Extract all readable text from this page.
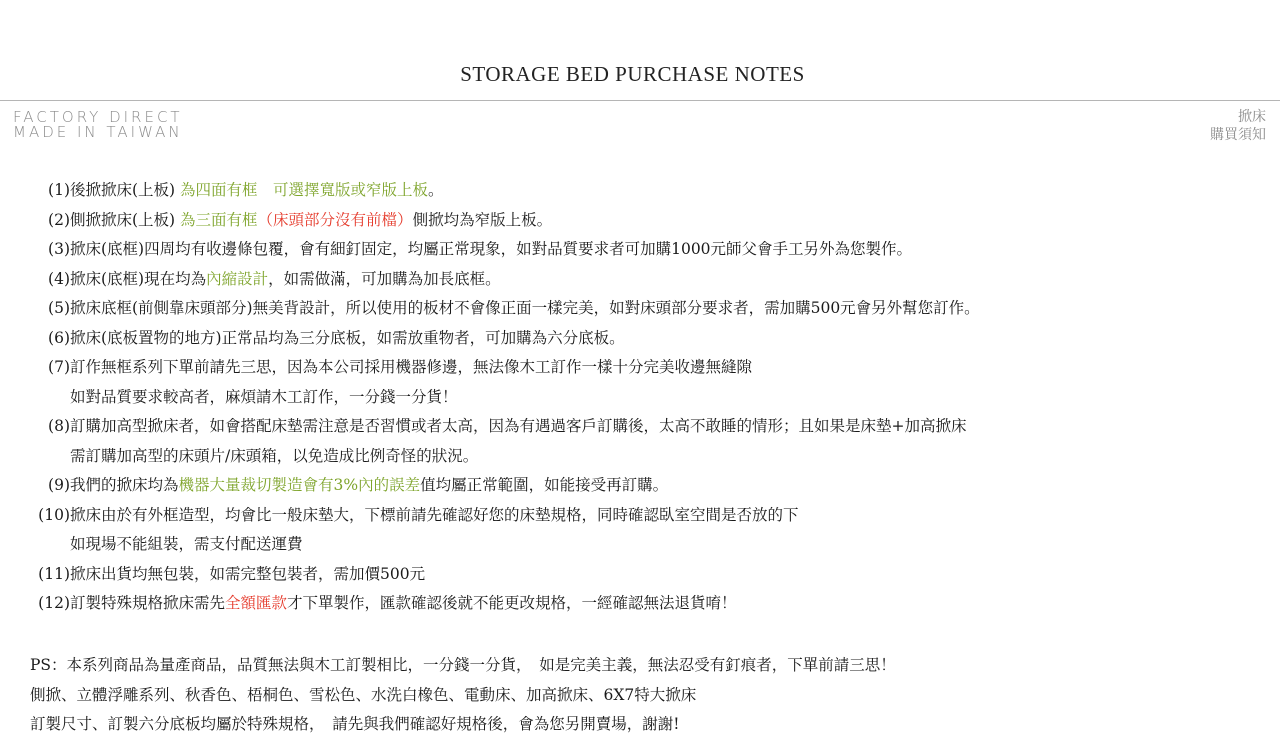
STORAGE BED PURCHASE NOTES
FACTORY DIRECT
MADE IN TAIWAN
掀床
購買須知
(1) 後掀掀床(上板) 為四面有框　可選擇寬版或窄版上板。
(2) 側掀掀床(上板) 為三面有框（床頭部分沒有前檔）側掀均為窄版上板。
(3) 掀床(底框)四周均有收邊條包覆，會有細釘固定，均屬正常現象，如對品質要求者可加購1000元師父會手工另外為您製作。
(4) 掀床(底框)現在均為內縮設計，如需做滿，可加購為加長底框。
(5) 掀床底框(前側靠床頭部分)無美背設計，所以使用的板材不會像正面一樣完美，如對床頭部分要求者，需加購500元會另外幫您訂作。
(6) 掀床(底板置物的地方)正常品均為三分底板，如需放重物者，可加購為六分底板。
(7) 訂作無框系列下單前請先三思，因為本公司採用機器修邊，無法像木工訂作一樣十分完美收邊無縫隙
如對品質要求較高者，麻煩請木工訂作，一分錢一分貨！
(8) 訂購加高型掀床者，如會搭配床墊需注意是否習慣或者太高，因為有遇過客戶訂購後，太高不敢睡的情形；且如果是床墊+加高掀床
需訂購加高型的床頭片/床頭箱，以免造成比例奇怪的狀況。
(9) 我們的掀床均為機器大量裁切製造會有3%內的誤差值均屬正常範圍，如能接受再訂購。
(10) 掀床由於有外框造型，均會比一般床墊大，下標前請先確認好您的床墊規格，同時確認臥室空間是否放的下
如現場不能組裝，需支付配送運費
(11) 掀床出貨均無包裝，如需完整包裝者，需加價500元
(12) 訂製特殊規格掀床需先全額匯款才下單製作，匯款確認後就不能更改規格，一經確認無法退貨唷！
PS：本系列商品為量產商品，品質無法與木工訂製相比，一分錢一分貨，　如是完美主義，無法忍受有釘痕者，下單前請三思！
側掀、立體浮雕系列、秋香色、梧桐色、雪松色、水洗白橡色、電動床、加高掀床、6X7特大掀床
訂製尺寸、訂製六分底板均屬於特殊規格，　請先與我們確認好規格後，會為您另開賣場，謝謝!
